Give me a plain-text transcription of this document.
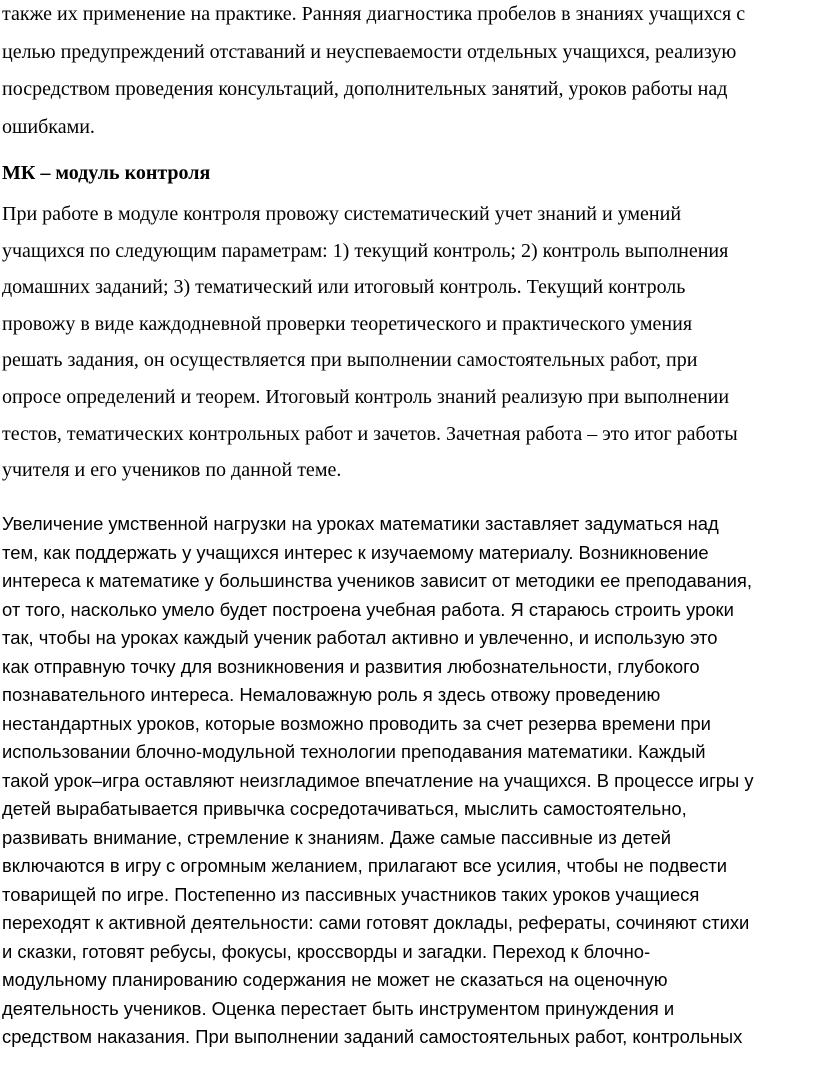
также их применение на практике. Ранняя диагностика пробелов в знаниях учащихся с
целью предупреждений отставаний и неуспеваемости отдельных учащихся, реализую
посредством проведения консультаций, дополнительных занятий, уроков работы над
ошибками.

МК – модуль контроля

При работе в модуле контроля провожу систематический учет знаний и умений
учащихся по следующим параметрам: 1) текущий контроль; 2) контроль выполнения
домашних заданий; 3) тематический или итоговый контроль. Текущий контроль
провожу в виде каждодневной проверки теоретического и практического умения
решать задания, он осуществляется при выполнении самостоятельных работ, при
опросе определений и теорем. Итоговый контроль знаний реализую при выполнении
тестов, тематических контрольных работ и зачетов. Зачетная работа – это итог работы
учителя и его учеников по данной теме.

Увеличение умственной нагрузки на уроках математики заставляет задуматься над
тем, как поддержать у учащихся интерес к изучаемому материалу. Возникновение
интереса к математике у большинства учеников зависит от методики ее преподавания,
от того, насколько умело будет построена учебная работа. Я стараюсь строить уроки
так, чтобы на уроках каждый ученик работал активно и увлеченно, и использую это
как отправную точку для возникновения и развития любознательности, глубокого
познавательного интереса. Немаловажную роль я здесь отвожу проведению
нестандартных уроков, которые возможно проводить за счет резерва времени при
использовании блочно-модульной технологии преподавания математики. Каждый
такой урок–игра оставляют неизгладимое впечатление на учащихся. В процессе игры у
детей вырабатывается привычка сосредотачиваться, мыслить самостоятельно,
развивать внимание, стремление к знаниям. Даже самые пассивные из детей
включаются в игру с огромным желанием, прилагают все усилия, чтобы не подвести
товарищей по игре. Постепенно из пассивных участников таких уроков учащиеся
переходят к активной деятельности: сами готовят доклады, рефераты, сочиняют стихи
и сказки, готовят ребусы, фокусы, кроссворды и загадки. Переход к блочно-
модульному планированию содержания не может не сказаться на оценочную
деятельность учеников. Оценка перестает быть инструментом принуждения и
средством наказания. При выполнении заданий самостоятельных работ, контрольных
